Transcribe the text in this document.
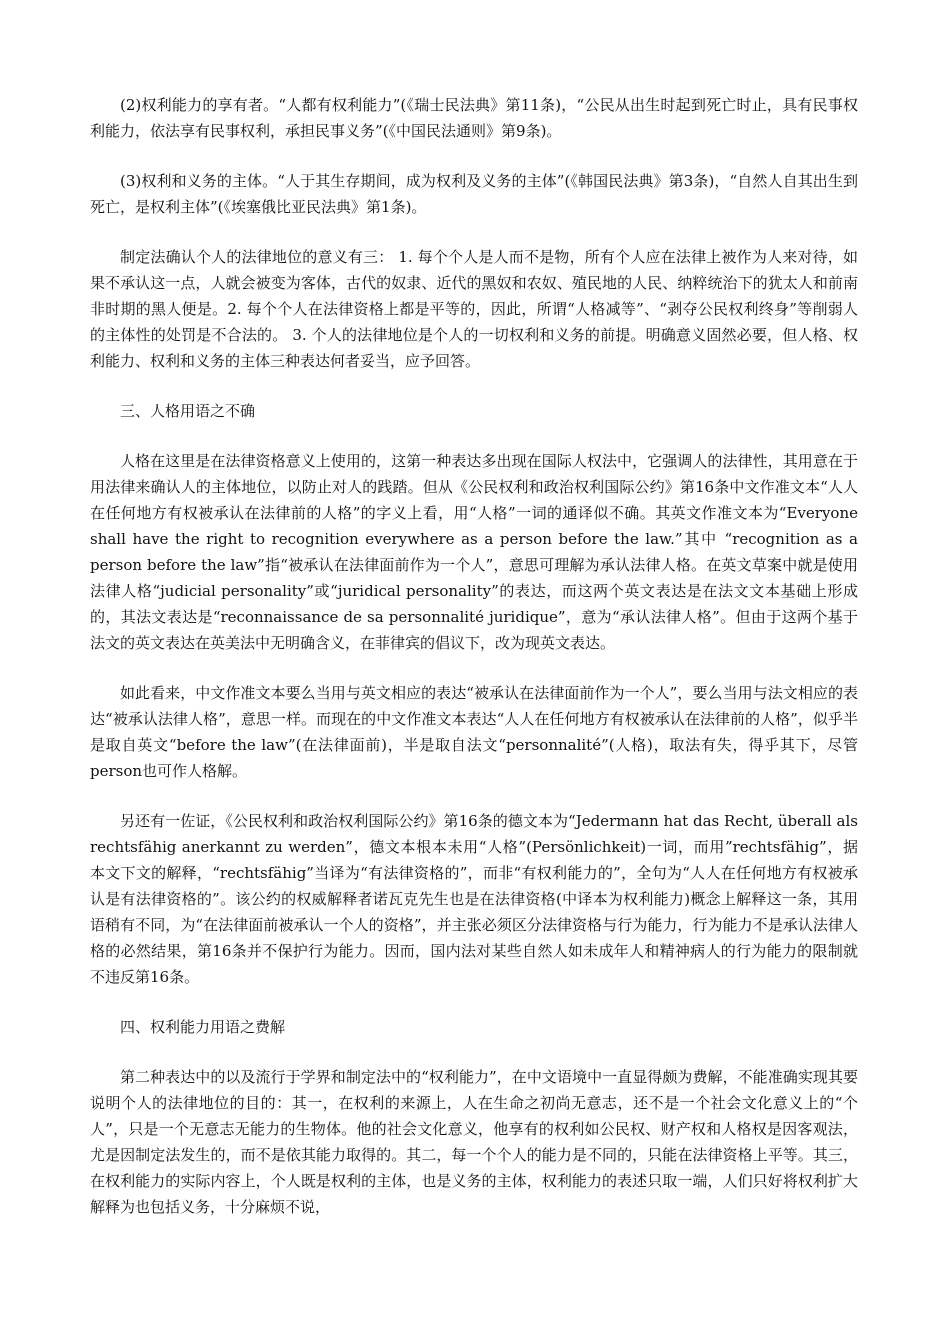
(2)权利能力的享有者。“人都有权利能力”(《瑞士民法典》第11条)，“公民从出生时起到死亡时止，具有民事权利能力，依法享有民事权利，承担民事义务”(《中国民法通则》第9条)。

(3)权利和义务的主体。“人于其生存期间，成为权利及义务的主体”(《韩国民法典》第3条)，“自然人自其出生到死亡，是权利主体”(《埃塞俄比亚民法典》第1条)。

制定法确认个人的法律地位的意义有三： 1. 每个个人是人而不是物，所有个人应在法律上被作为人来对待，如果不承认这一点，人就会被变为客体，古代的奴隶、近代的黑奴和农奴、殖民地的人民、纳粹统治下的犹太人和前南非时期的黑人便是。2. 每个个人在法律资格上都是平等的，因此，所谓“人格减等”、“剥夺公民权利终身”等削弱人的主体性的处罚是不合法的。 3. 个人的法律地位是个人的一切权利和义务的前提。明确意义固然必要，但人格、权利能力、权利和义务的主体三种表达何者妥当，应予回答。

三、人格用语之不确

人格在这里是在法律资格意义上使用的，这第一种表达多出现在国际人权法中，它强调人的法律性，其用意在于用法律来确认人的主体地位，以防止对人的践踏。但从《公民权利和政治权利国际公约》第16条中文作准文本“人人在任何地方有权被承认在法律前的人格”的字义上看，用“人格”一词的通译似不确。其英文作准文本为“Everyone shall have the right to recognition everywhere as a person before the law.”其中 “recognition as a person before the law”指“被承认在法律面前作为一个人”，意思可理解为承认法律人格。在英文草案中就是使用法律人格“judicial personality”或“juridical personality”的表达，而这两个英文表达是在法文文本基础上形成的，其法文表达是“reconnaissance de sa personnalité juridique”，意为“承认法律人格”。但由于这两个基于法文的英文表达在英美法中无明确含义，在菲律宾的倡议下，改为现英文表达。

如此看来，中文作准文本要么当用与英文相应的表达“被承认在法律面前作为一个人”，要么当用与法文相应的表达“被承认法律人格”，意思一样。而现在的中文作准文本表达“人人在任何地方有权被承认在法律前的人格”，似乎半是取自英文“before the law”(在法律面前)，半是取自法文“personnalité”(人格)，取法有失，得乎其下，尽管person也可作人格解。

另还有一佐证，《公民权利和政治权利国际公约》第16条的德文本为“Jedermann hat das Recht, überall als rechtsfähig anerkannt zu werden”，德文本根本未用“人格”(Persönlichkeit)一词，而用”rechtsfähig”，据本文下文的解释，“rechtsfähig”当译为“有法律资格的”，而非“有权利能力的”，全句为“人人在任何地方有权被承认是有法律资格的”。该公约的权威解释者诺瓦克先生也是在法律资格(中译本为权利能力)概念上解释这一条，其用语稍有不同，为“在法律面前被承认一个人的资格”，并主张必须区分法律资格与行为能力，行为能力不是承认法律人格的必然结果，第16条并不保护行为能力。因而，国内法对某些自然人如未成年人和精神病人的行为能力的限制就不违反第16条。

四、权利能力用语之费解

第二种表达中的以及流行于学界和制定法中的“权利能力”，在中文语境中一直显得颇为费解，不能准确实现其要说明个人的法律地位的目的：其一，在权利的来源上，人在生命之初尚无意志，还不是一个社会文化意义上的“个人”，只是一个无意志无能力的生物体。他的社会文化意义，他享有的权利如公民权、财产权和人格权是因客观法，尤是因制定法发生的，而不是依其能力取得的。其二，每一个个人的能力是不同的，只能在法律资格上平等。其三，在权利能力的实际内容上，个人既是权利的主体，也是义务的主体，权利能力的表述只取一端，人们只好将权利扩大解释为也包括义务，十分麻烦不说，
